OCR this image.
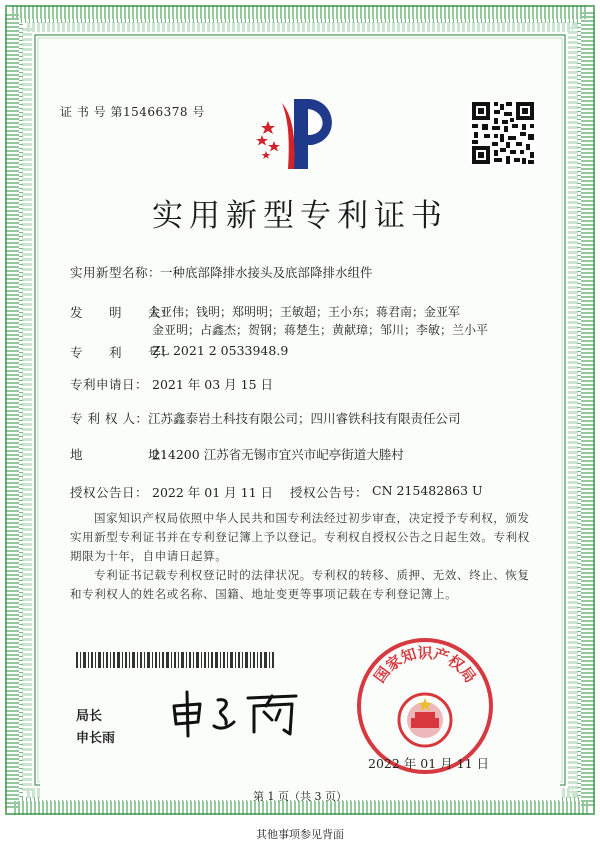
证 书 号 第15466378 号
实用新型专利证书
实用新型名称：
一种底部降排水接头及底部降排水组件
发　　明　　人：
金亚伟；钱明；郑明明；王敏超；王小东；蒋君南；金亚军
金亚明；占鑫杰；贺钢；蒋楚生；黄献璋；邹川；李敏；兰小平
专　　利　　号：
ZL 2021 2 0533948.9
专利申请日： 2021 年 03 月 15 日
专 利 权 人： 江苏鑫泰岩土科技有限公司；四川睿铁科技有限责任公司
地　　　　　址：
214200 江苏省无锡市宜兴市屺亭街道大塍村
授权公告日： 2022 年 01 月 11 日 授权公告号： CN 215482863 U
国家知识产权局依照中华人民共和国专利法经过初步审查，决定授予专利权，颁发实用新型专利证书并在专利登记簿上予以登记。专利权自授权公告之日起生效。专利权期限为十年，自申请日起算。
专利证书记载专利权登记时的法律状况。专利权的转移、质押、无效、终止、恢复和专利权人的姓名或名称、国籍、地址变更等事项记载在专利登记簿上。
局长
申长雨
国家知识产权局
2022 年 01 月 11 日
第 1 页（共 3 页）
其他事项参见背面
